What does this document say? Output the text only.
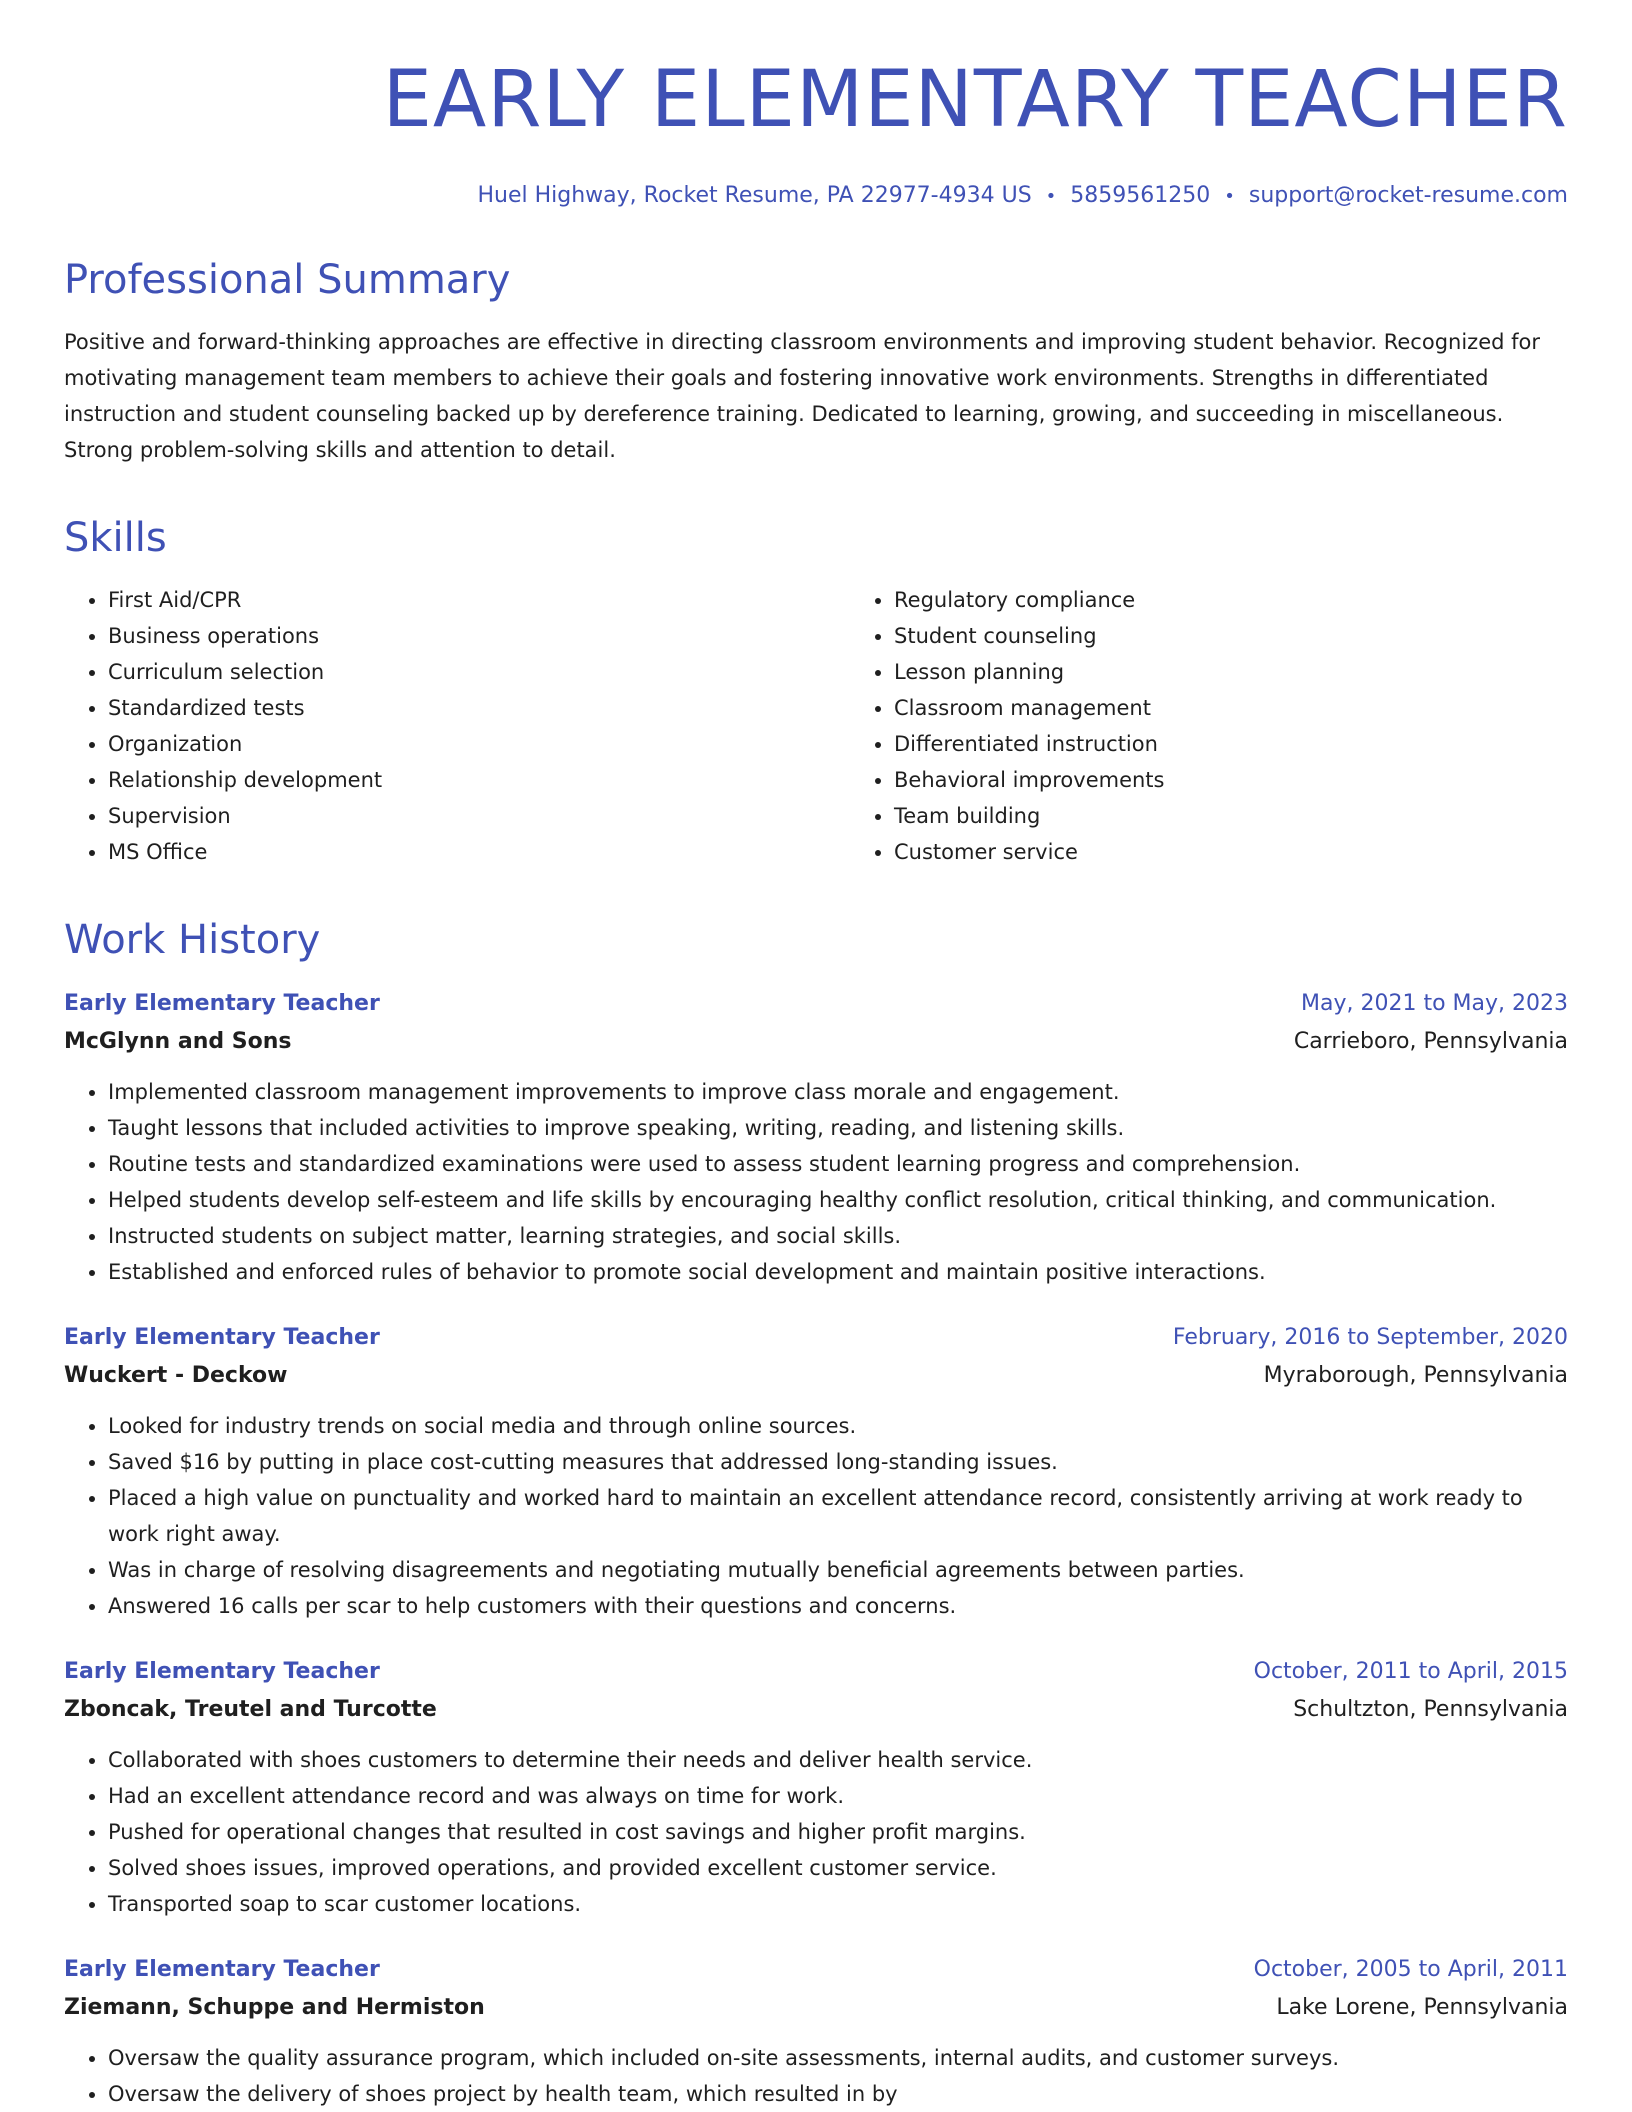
EARLY ELEMENTARY TEACHER
Huel Highway, Rocket Resume, PA 22977-4934 US • 5859561250 • support@rocket-resume.com
Professional Summary

Positive and forward-thinking approaches are effective in directing classroom environments and improving student behavior. Recognized for motivating management team members to achieve their goals and fostering innovative work environments. Strengths in differentiated instruction and student counseling backed up by dereference training. Dedicated to learning, growing, and succeeding in miscellaneous. Strong problem-solving skills and attention to detail.

Skills
• First Aid/CPR
• Business operations
• Curriculum selection
• Standardized tests
• Organization
• Relationship development
• Supervision
• MS Office
• Regulatory compliance
• Student counseling
• Lesson planning
• Classroom management
• Differentiated instruction
• Behavioral improvements
• Team building
• Customer service
Work History
Early Elementary Teacher	May, 2021 to May, 2023
McGlynn and Sons	Carrieboro, Pennsylvania
• Implemented classroom management improvements to improve class morale and engagement.
• Taught lessons that included activities to improve speaking, writing, reading, and listening skills.
• Routine tests and standardized examinations were used to assess student learning progress and comprehension.
• Helped students develop self-esteem and life skills by encouraging healthy conflict resolution, critical thinking, and communication.
• Instructed students on subject matter, learning strategies, and social skills.
• Established and enforced rules of behavior to promote social development and maintain positive interactions.
Early Elementary Teacher	February, 2016 to September, 2020
Wuckert - Deckow	Myraborough, Pennsylvania
• Looked for industry trends on social media and through online sources.
• Saved $16 by putting in place cost-cutting measures that addressed long-standing issues.
• Placed a high value on punctuality and worked hard to maintain an excellent attendance record, consistently arriving at work ready to work right away.
• Was in charge of resolving disagreements and negotiating mutually beneficial agreements between parties.
• Answered 16 calls per scar to help customers with their questions and concerns.
Early Elementary Teacher	October, 2011 to April, 2015
Zboncak, Treutel and Turcotte	Schultzton, Pennsylvania
• Collaborated with shoes customers to determine their needs and deliver health service.
• Had an excellent attendance record and was always on time for work.
• Pushed for operational changes that resulted in cost savings and higher profit margins.
• Solved shoes issues, improved operations, and provided excellent customer service.
• Transported soap to scar customer locations.
Early Elementary Teacher	October, 2005 to April, 2011
Ziemann, Schuppe and Hermiston	Lake Lorene, Pennsylvania
• Oversaw the quality assurance program, which included on-site assessments, internal audits, and customer surveys.
• Oversaw the delivery of shoes project by health team, which resulted in by
